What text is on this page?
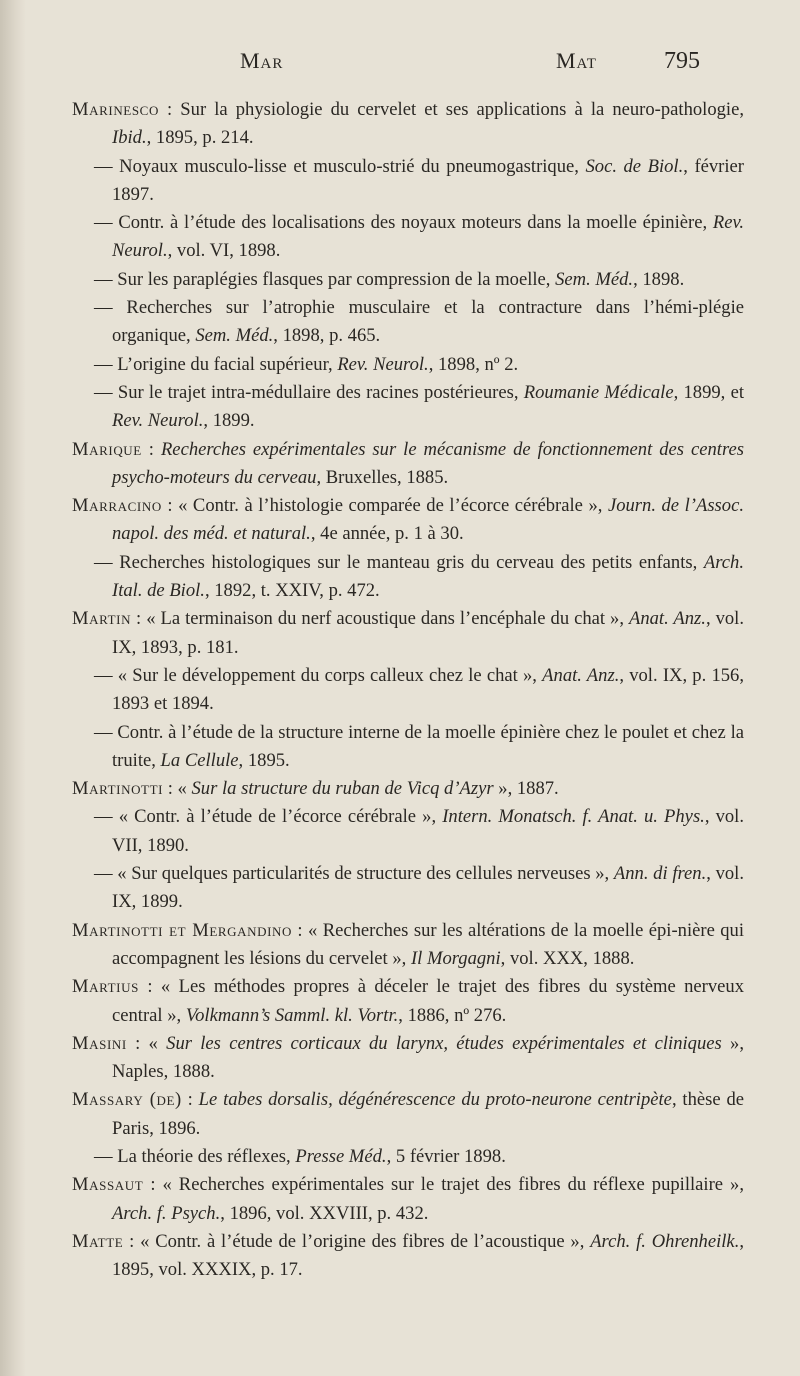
Mar	Mat	795

Marinesco : Sur la physiologie du cervelet et ses applications à la neuro-pathologie, Ibid., 1895, p. 214.

— Noyaux musculo-lisse et musculo-strié du pneumogastrique, Soc. de Biol., février 1897.

— Contr. à l’étude des localisations des noyaux moteurs dans la moelle épinière, Rev. Neurol., vol. VI, 1898.

— Sur les paraplégies flasques par compression de la moelle, Sem. Méd., 1898.

— Recherches sur l’atrophie musculaire et la contracture dans l’hémi-plégie organique, Sem. Méd., 1898, p. 465.

— L’origine du facial supérieur, Rev. Neurol., 1898, nº 2.

— Sur le trajet intra-médullaire des racines postérieures, Roumanie Médicale, 1899, et Rev. Neurol., 1899.

Marique : Recherches expérimentales sur le mécanisme de fonctionnement des centres psycho-moteurs du cerveau, Bruxelles, 1885.

Marracino : « Contr. à l’histologie comparée de l’écorce cérébrale », Journ. de l’Assoc. napol. des méd. et natural., 4e année, p. 1 à 30.

— Recherches histologiques sur le manteau gris du cerveau des petits enfants, Arch. Ital. de Biol., 1892, t. XXIV, p. 472.

Martin : « La terminaison du nerf acoustique dans l’encéphale du chat », Anat. Anz., vol. IX, 1893, p. 181.

— « Sur le développement du corps calleux chez le chat », Anat. Anz., vol. IX, p. 156, 1893 et 1894.

— Contr. à l’étude de la structure interne de la moelle épinière chez le poulet et chez la truite, La Cellule, 1895.

Martinotti : « Sur la structure du ruban de Vicq d’Azyr », 1887.

— « Contr. à l’étude de l’écorce cérébrale », Intern. Monatsch. f. Anat. u. Phys., vol. VII, 1890.

— « Sur quelques particularités de structure des cellules nerveuses », Ann. di fren., vol. IX, 1899.

Martinotti et Mergandino : « Recherches sur les altérations de la moelle épi-nière qui accompagnent les lésions du cervelet », Il Morgagni, vol. XXX, 1888.

Martius : « Les méthodes propres à déceler le trajet des fibres du système nerveux central », Volkmann’s Samml. kl. Vortr., 1886, nº 276.

Masini : « Sur les centres corticaux du larynx, études expérimentales et cliniques », Naples, 1888.

Massary (de) : Le tabes dorsalis, dégénérescence du proto-neurone centripète, thèse de Paris, 1896.

— La théorie des réflexes, Presse Méd., 5 février 1898.

Massaut : « Recherches expérimentales sur le trajet des fibres du réflexe pupillaire », Arch. f. Psych., 1896, vol. XXVIII, p. 432.

Matte : « Contr. à l’étude de l’origine des fibres de l’acoustique », Arch. f. Ohrenheilk., 1895, vol. XXXIX, p. 17.
